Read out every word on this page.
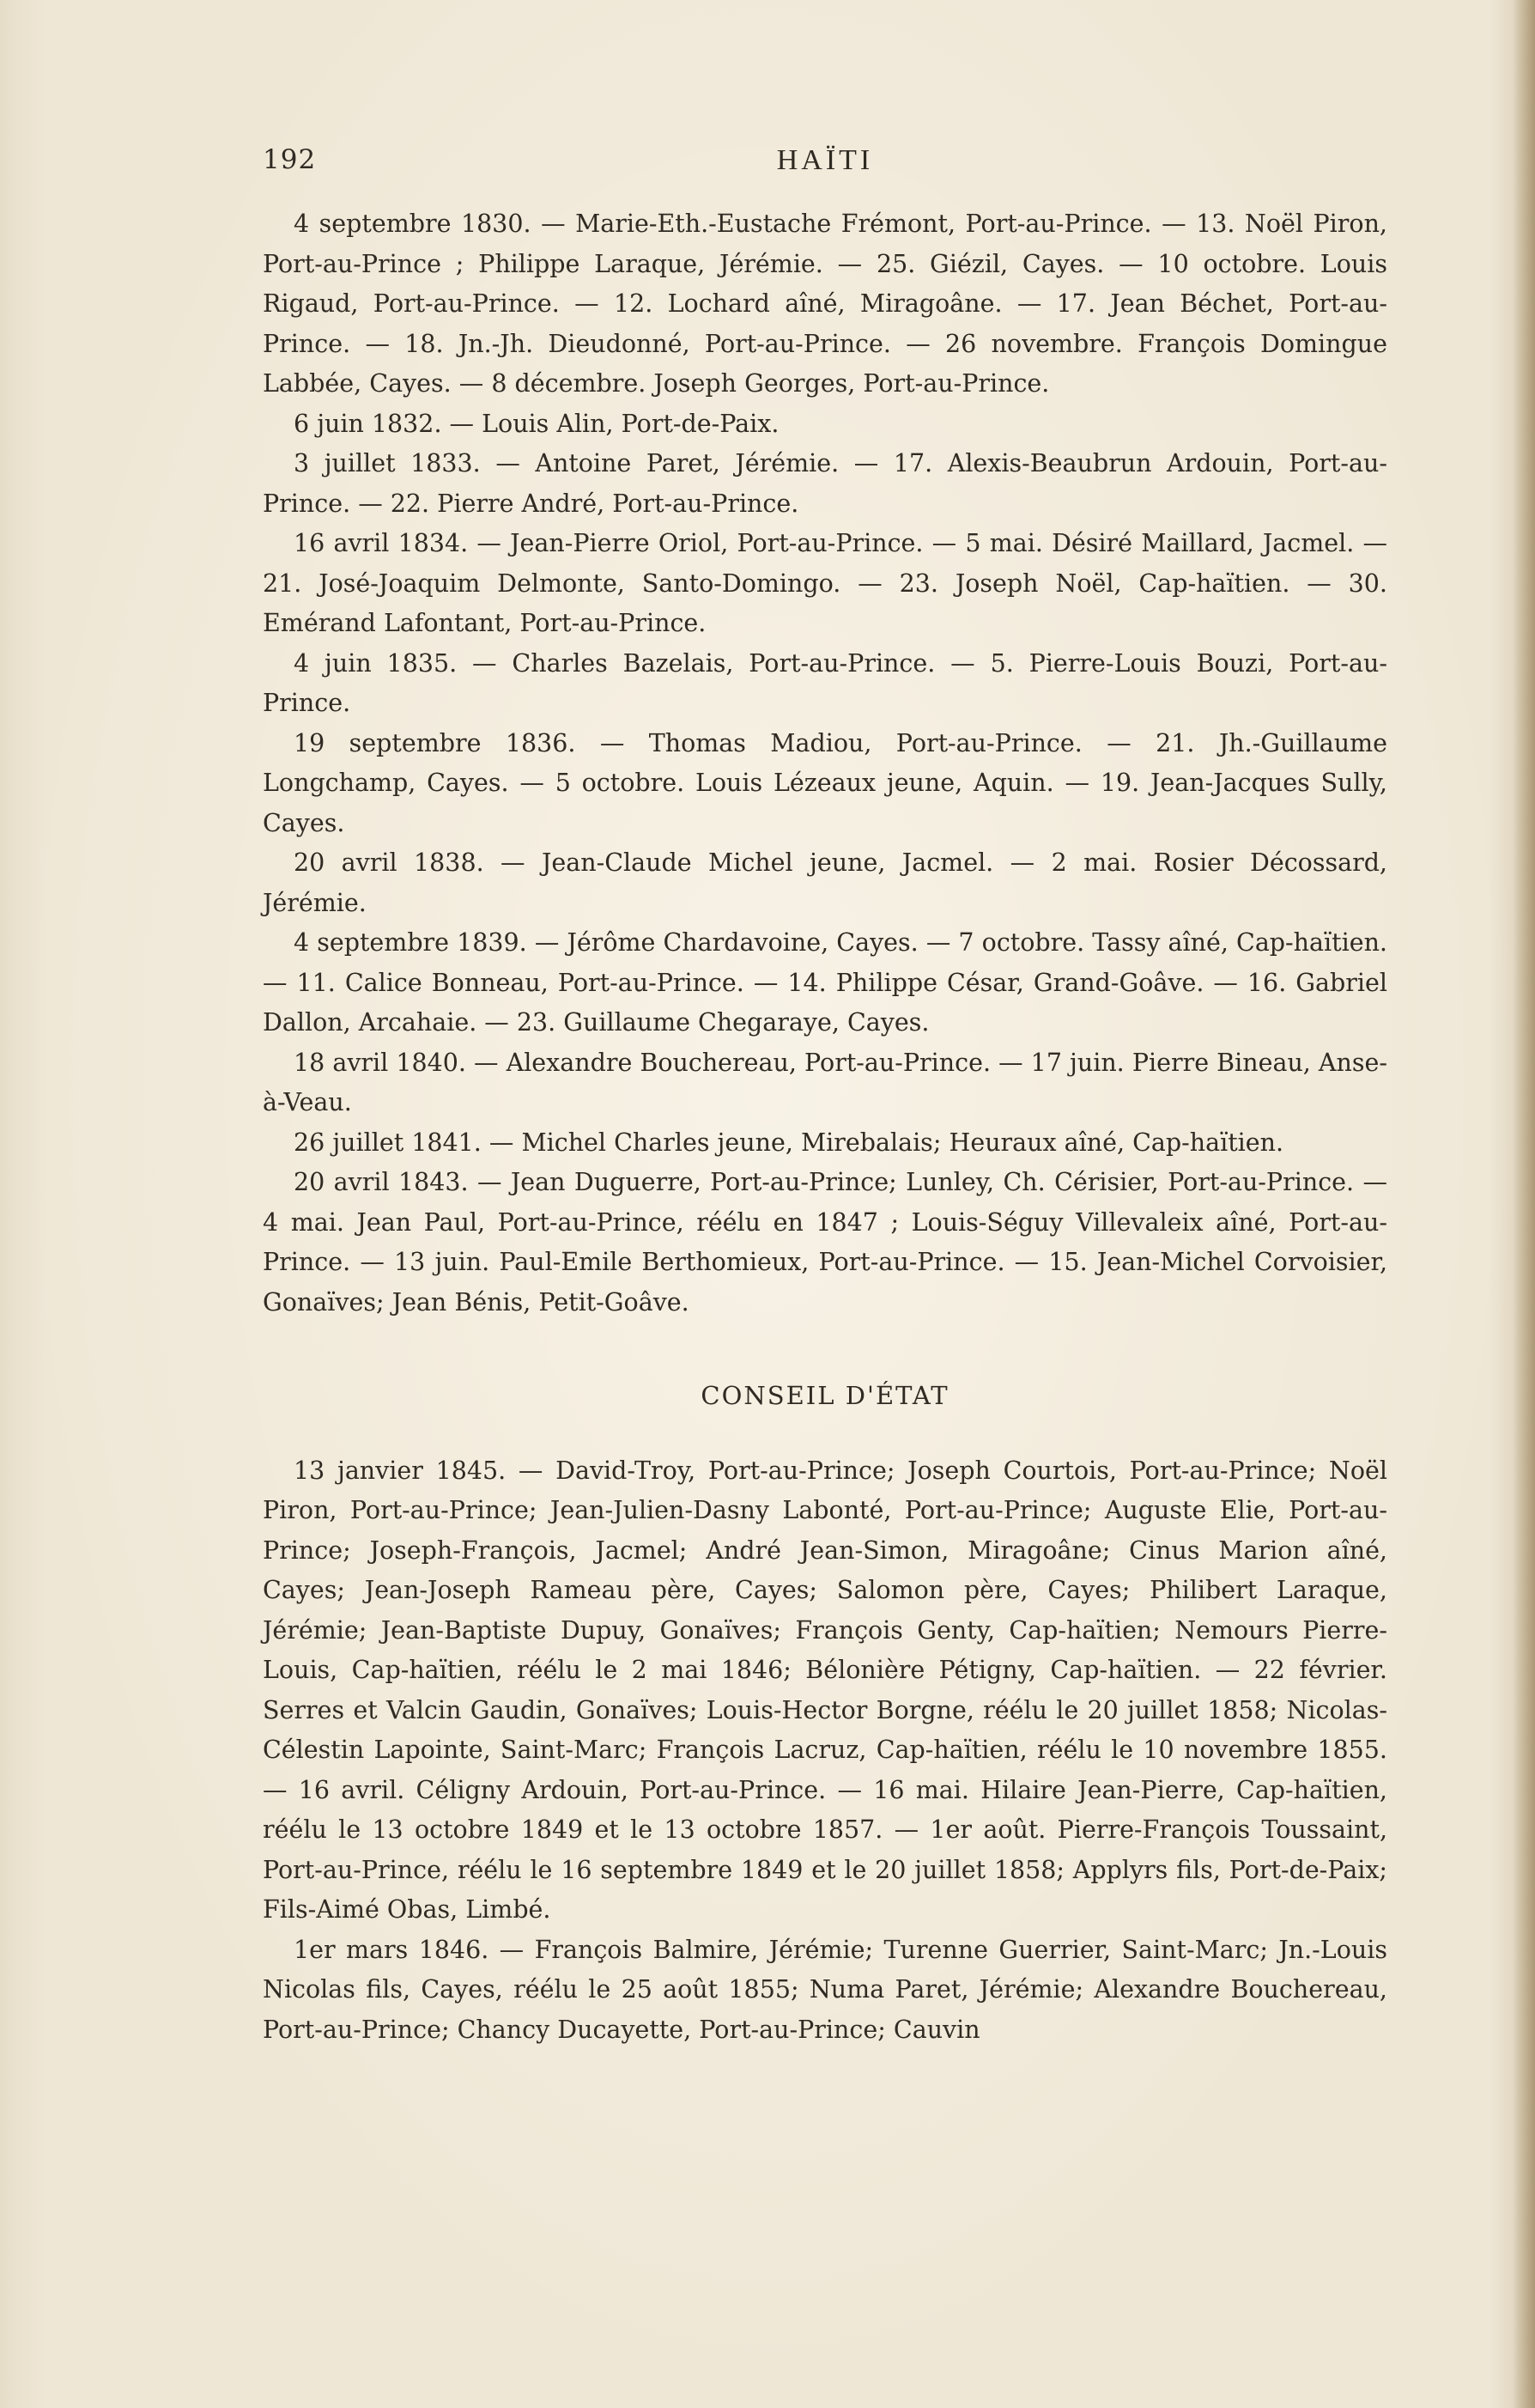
192	HAÏTI

4 septembre 1830. — Marie-Eth.-Eustache Frémont, Port-au-Prince. — 13. Noël Piron, Port-au-Prince ; Philippe Laraque, Jérémie. — 25. Giézil, Cayes. — 10 octobre. Louis Rigaud, Port-au-Prince. — 12. Lochard aîné, Miragoâne. — 17. Jean Béchet, Port-au-Prince. — 18. Jn.-Jh. Dieudonné, Port-au-Prince. — 26 novembre. François Domingue Labbée, Cayes. — 8 décembre. Joseph Georges, Port-au-Prince.

6 juin 1832. — Louis Alin, Port-de-Paix.

3 juillet 1833. — Antoine Paret, Jérémie. — 17. Alexis-Beaubrun Ardouin, Port-au-Prince. — 22. Pierre André, Port-au-Prince.

16 avril 1834. — Jean-Pierre Oriol, Port-au-Prince. — 5 mai. Désiré Maillard, Jacmel. — 21. José-Joaquim Delmonte, Santo-Domingo. — 23. Joseph Noël, Cap-haïtien. — 30. Emérand Lafontant, Port-au-Prince.

4 juin 1835. — Charles Bazelais, Port-au-Prince. — 5. Pierre-Louis Bouzi, Port-au-Prince.

19 septembre 1836. — Thomas Madiou, Port-au-Prince. — 21. Jh.-Guillaume Longchamp, Cayes. — 5 octobre. Louis Lézeaux jeune, Aquin. — 19. Jean-Jacques Sully, Cayes.

20 avril 1838. — Jean-Claude Michel jeune, Jacmel. — 2 mai. Rosier Décossard, Jérémie.

4 septembre 1839. — Jérôme Chardavoine, Cayes. — 7 octobre. Tassy aîné, Cap-haïtien. — 11. Calice Bonneau, Port-au-Prince. — 14. Philippe César, Grand-Goâve. — 16. Gabriel Dallon, Arcahaie. — 23. Guillaume Chegaraye, Cayes.

18 avril 1840. — Alexandre Bouchereau, Port-au-Prince. — 17 juin. Pierre Bineau, Anse-à-Veau.

26 juillet 1841. — Michel Charles jeune, Mirebalais; Heuraux aîné, Cap-haïtien.

20 avril 1843. — Jean Duguerre, Port-au-Prince; Lunley, Ch. Cérisier, Port-au-Prince. — 4 mai. Jean Paul, Port-au-Prince, réélu en 1847 ; Louis-Séguy Villevaleix aîné, Port-au-Prince. — 13 juin. Paul-Emile Berthomieux, Port-au-Prince. — 15. Jean-Michel Corvoisier, Gonaïves; Jean Bénis, Petit-Goâve.

CONSEIL D'ÉTAT

13 janvier 1845. — David-Troy, Port-au-Prince; Joseph Courtois, Port-au-Prince; Noël Piron, Port-au-Prince; Jean-Julien-Dasny Labonté, Port-au-Prince; Auguste Elie, Port-au-Prince; Joseph-François, Jacmel; André Jean-Simon, Miragoâne; Cinus Marion aîné, Cayes; Jean-Joseph Rameau père, Cayes; Salomon père, Cayes; Philibert Laraque, Jérémie; Jean-Baptiste Dupuy, Gonaïves; François Genty, Cap-haïtien; Nemours Pierre-Louis, Cap-haïtien, réélu le 2 mai 1846; Bélonière Pétigny, Cap-haïtien. — 22 février. Serres et Valcin Gaudin, Gonaïves; Louis-Hector Borgne, réélu le 20 juillet 1858; Nicolas-Célestin Lapointe, Saint-Marc; François Lacruz, Cap-haïtien, réélu le 10 novembre 1855. — 16 avril. Céligny Ardouin, Port-au-Prince. — 16 mai. Hilaire Jean-Pierre, Cap-haïtien, réélu le 13 octobre 1849 et le 13 octobre 1857. — 1er août. Pierre-François Toussaint, Port-au-Prince, réélu le 16 septembre 1849 et le 20 juillet 1858; Applyrs fils, Port-de-Paix; Fils-Aimé Obas, Limbé.

1er mars 1846. — François Balmire, Jérémie; Turenne Guerrier, Saint-Marc; Jn.-Louis Nicolas fils, Cayes, réélu le 25 août 1855; Numa Paret, Jérémie; Alexandre Bouchereau, Port-au-Prince; Chancy Ducayette, Port-au-Prince; Cauvin
